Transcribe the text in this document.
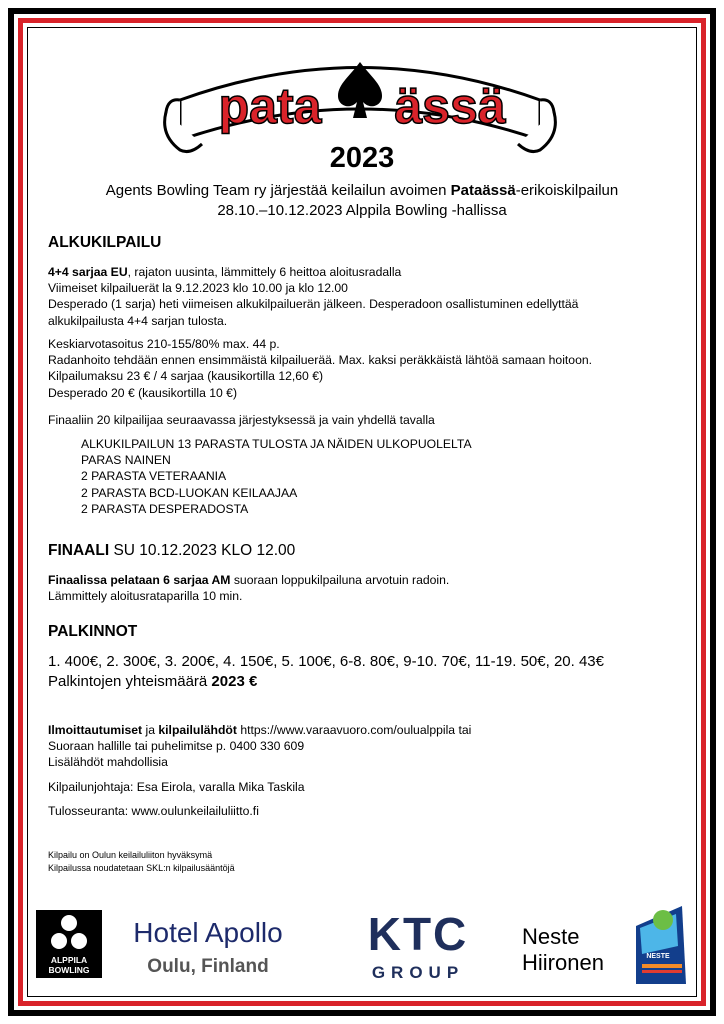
pata ässä
2023
Agents Bowling Team ry järjestää keilailun avoimen Pataässä-erikoiskilpailun
28.10.–10.12.2023 Alppila Bowling -hallissa
ALKUKILPAILU
4+4 sarjaa EU, rajaton uusinta, lämmittely 6 heittoa aloitusradalla
Viimeiset kilpailuerät la 9.12.2023 klo 10.00 ja klo 12.00
Desperado (1 sarja) heti viimeisen alkukilpailuerän jälkeen. Desperadoon osallistuminen edellyttää
alkukilpailusta 4+4 sarjan tulosta.
Keskiarvotasoitus 210-155/80% max. 44 p.
Radanhoito tehdään ennen ensimmäistä kilpailuerää. Max. kaksi peräkkäistä lähtöä samaan hoitoon.
Kilpailumaksu 23 € / 4 sarjaa (kausikortilla 12,60 €)
Desperado 20 € (kausikortilla 10 €)
Finaaliin 20 kilpailijaa seuraavassa järjestyksessä ja vain yhdellä tavalla
ALKUKILPAILUN 13 PARASTA TULOSTA JA NÄIDEN ULKOPUOLELTA
PARAS NAINEN
2 PARASTA VETERAANIA
2 PARASTA BCD-LUOKAN KEILAAJAA
2 PARASTA DESPERADOSTA
FINAALI SU 10.12.2023 KLO 12.00
Finaalissa pelataan 6 sarjaa AM suoraan loppukilpailuna arvotuin radoin.
Lämmittely aloitusrataparilla 10 min.
PALKINNOT
1. 400€, 2. 300€, 3. 200€, 4. 150€, 5. 100€, 6-8. 80€, 9-10. 70€, 11-19. 50€, 20. 43€
Palkintojen yhteismäärä 2023 €
Ilmoittautumiset ja kilpailulähdöt https://www.varaavuoro.com/oulualppila tai
Suoraan hallille tai puhelimitse p. 0400 330 609
Lisälähdöt mahdollisia
Kilpailunjohtaja: Esa Eirola, varalla Mika Taskila
Tulosseuranta: www.oulunkeilailuliitto.fi
Kilpailu on Oulun keilailuliiton hyväksymä
Kilpailussa noudatetaan SKL:n kilpailusääntöjä
ALPPILA
BOWLING
Hotel Apollo
Oulu, Finland
KTC
GROUP
Neste
Hiironen	NESTE
